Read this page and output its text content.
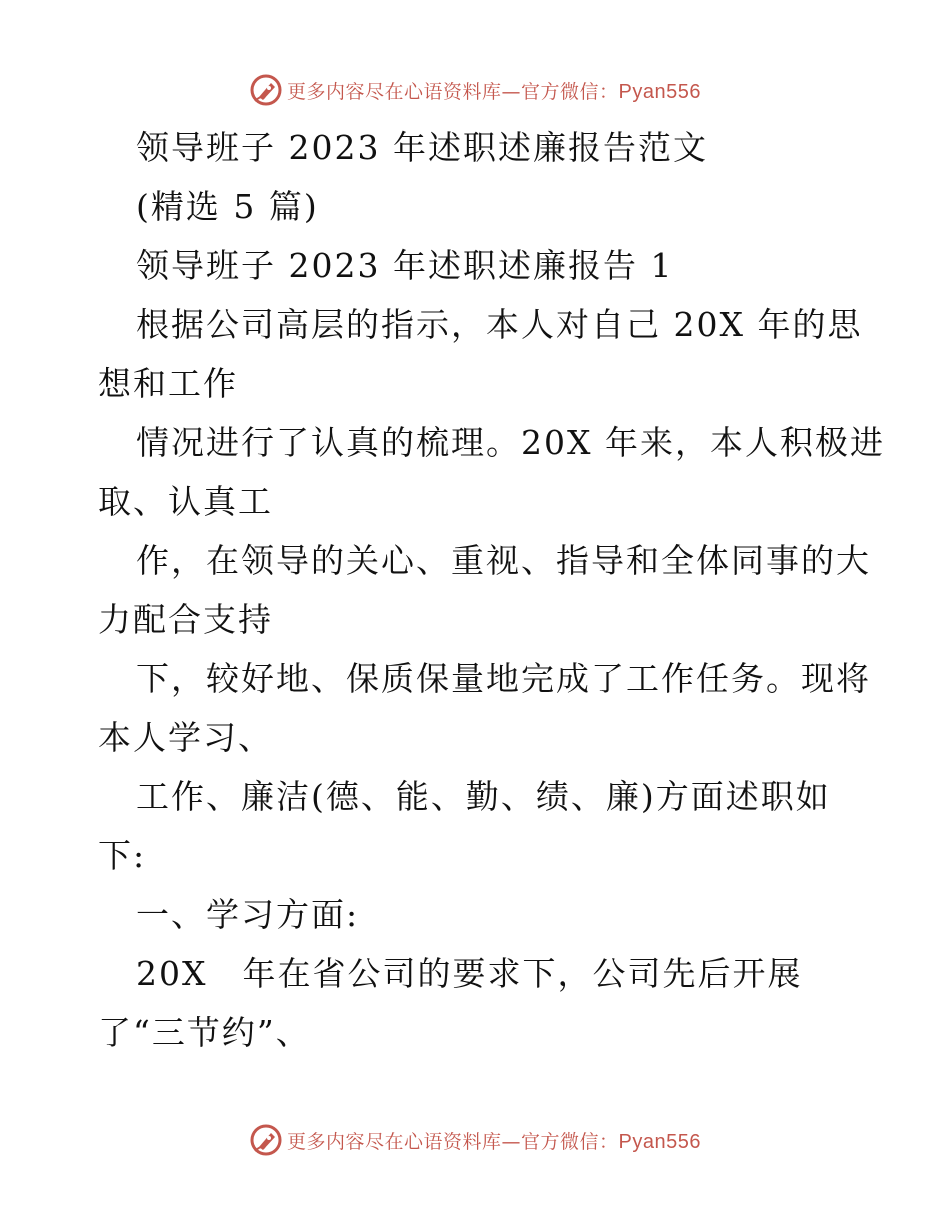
更多内容尽在心语资料库—官方微信：Pyan556
领导班子 2023 年述职述廉报告范文
(精选 5 篇)
领导班子 2023 年述职述廉报告 1
根据公司高层的指示，本人对自己 20X 年的思
想和工作
情况进行了认真的梳理。20X 年来，本人积极进
取、认真工
作，在领导的关心、重视、指导和全体同事的大
力配合支持
下，较好地、保质保量地完成了工作任务。现将
本人学习、
工作、廉洁(德、能、勤、绩、廉)方面述职如
下:
一、学习方面:
20X　年在省公司的要求下，公司先后开展
了“三节约”、
更多内容尽在心语资料库—官方微信：Pyan556
